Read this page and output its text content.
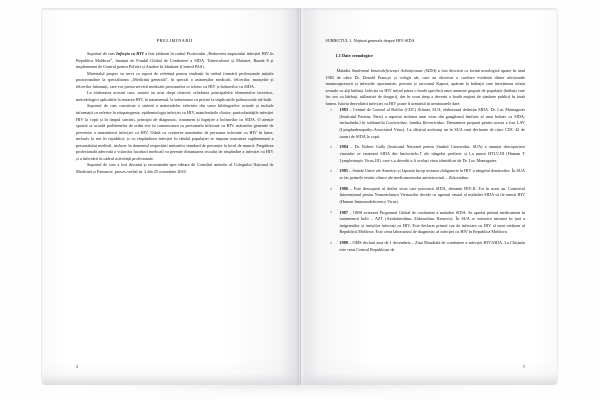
PRELIMINARII

Suportul de curs Infecția cu HIV a fost elaborat în cadrul Proiectului „Reducerea impactului infecției HIV în Republica Moldova”, finanțat de Fondul Global de Combatere a SIDA, Tuberculozei și Malariei, Runda 8 și implementat de Centrul pentru Politici și Analize în Sănătate (Centrul PAS).

Materialul propus va servi ca suport de referință pentru studenții în cadrul formării profesionale inițiale postsecundare la specialitatea „Medicină generală”, în special a asistenților medicali, felcerilor, moașelor și felcerilor laboranți, care vor presta servicii medicale persoanelor ce trăiesc cu HIV și bolnavilor cu SIDA.

La elaborarea acestui curs, autorii au avut drept obiectiv reliefarea principalelor elementelor teoretico-metodologice aplicabile la testarea HIV, la tratamentul, la informarea cu privire la implicațiile psihosociale ale bolii.

Suportul de curs constituie o sinteză a materialelor selectate din surse bibliografice actuale și include informații cu referire la etiopatogenia, epidemiologia infecției cu HIV, manifestările clinice, particularitățile infecției HIV la copii și în timpul sarcinii, principii de diagnostic, tratament și îngrijire a bolnavilor cu SIDA. O atenție sporită se acordă problemelor de ordin etic în comunicarea cu persoanele infectate cu HIV, măsurilor generale de prevenire a transmiterii infecției cu HIV. Odată cu creșterea numărului de persoane infectate cu HIV în lume, inclusiv la noi în republică, și cu răspândirea infecției în rândul populației se impune instruirea suplimentară a personalului medical, inclusiv în domeniul respectării măsurilor standard de precauție la locul de muncă. Pregătirea profesională adecvată a viitorilor lucrători medicali va permite diminuarea riscului de răspândire a infecției cu HIV și a infectării în cadrul activității profesionale.

Suportul de curs a fost discutat și recomandat spre editare de Consiliul metodic al Colegiului Național de Medicină și Farmacie, proces-verbal nr. 2 din 25 octombrie 2010.

4
SUBIECTUL 1. Noțiuni generale despre HIV-SIDA
1.1 Date cronologice

Maladia Sindromul Imunodeficienței Achiziționate (SIDA) a fost descrisă ca formă nosologică aparte în anul 1982 de către Dr. Donald Francys și colegii săi, care au observat o corelare evidentă dintre afecțiunile imunosupresorii și infecțiile oportuniste, precum și sarcomul Kaposi, apărute la bărbații care întrețineau relații sexuale cu alți bărbați. Infecția cu HIV inițial părea o boală specifică unor anumite grupuri de populație (bărbați care fac sex cu bărbați, utilizatori de droguri), dar în scurt timp a devenit o boală majoră de sănătate publică în toată lumea. Istoria dezvoltării infecției cu HIV poate fi urmărită în următoarele date:

▪ 1983 – Centrul de Control al Bolilor (CDC) Atlanta, SUA, elaborează definiția SIDA. Dr. Luc Montagnier (Institutul Pasteur, Paris) a raportat izolarea unui virus din ganglionul limfatic al unui bolnav cu SIDA, incluzându-l în subfamilia Lentiviridae, familia Retroviridae. Denumirea propusă pentru acesta a fost LAV (Lymphadenopathy-Associated Virus). La sfîrșitul aceluiași an în SUA sunt declarate de către CDC 42 de cazuri de SIDA la copii.
▪ 1984 – Dr. Robert Gallo (Institutul Național pentru Studiul Cancerului, SUA) a anunțat descoperirea virusului ce cauzează SIDA din limfocitele-T ale sângelui periferic și l-a numit HTLV-III (Human T Lymphotropic Virus-III), care s-a dovedit a fi același virus identificat de Dr. Luc Montagnier.
▪ 1985 – Statele Unite ale Americii și Japonia încep testarea obligatorie la HIV a sângelui donatorilor. În SUA se fac primele testări clinice ale medicamentului antiretroviral – Zidovudina.
▪ 1986 – Este descoperit al doilea virus care provoacă SIDA, denumit HIV-II. Tot în acest an, Comitetul Internațional pentru Nomenclatura Virusurilor decide ca agentul cauzal al maladiei SIDA să fie numit HIV (Human Immunodeficiency Virus).
▪ 1987 – OMS avizează Programul Global de combatere a maladiei SIDA. Se aprobă primul medicament în tratamentul bolii – AZT (Azidotimidina, Zidovudina, Retrovir). În SUA se interzice intrarea în țară a imigranților și turiștilor infectați cu HIV. Este declarat primul caz de infectare cu HIV al unui cetățean al Republicii Moldova. Este creat laboratorul de diagnostic al infecției cu HIV în Republica Moldova.
▪ 1988 – OMS declară ziua de 1 decembrie – Ziua Mondială de combatere a infecției HIV/SIDA. La Chișinău este creat Centrul Republican de
5
